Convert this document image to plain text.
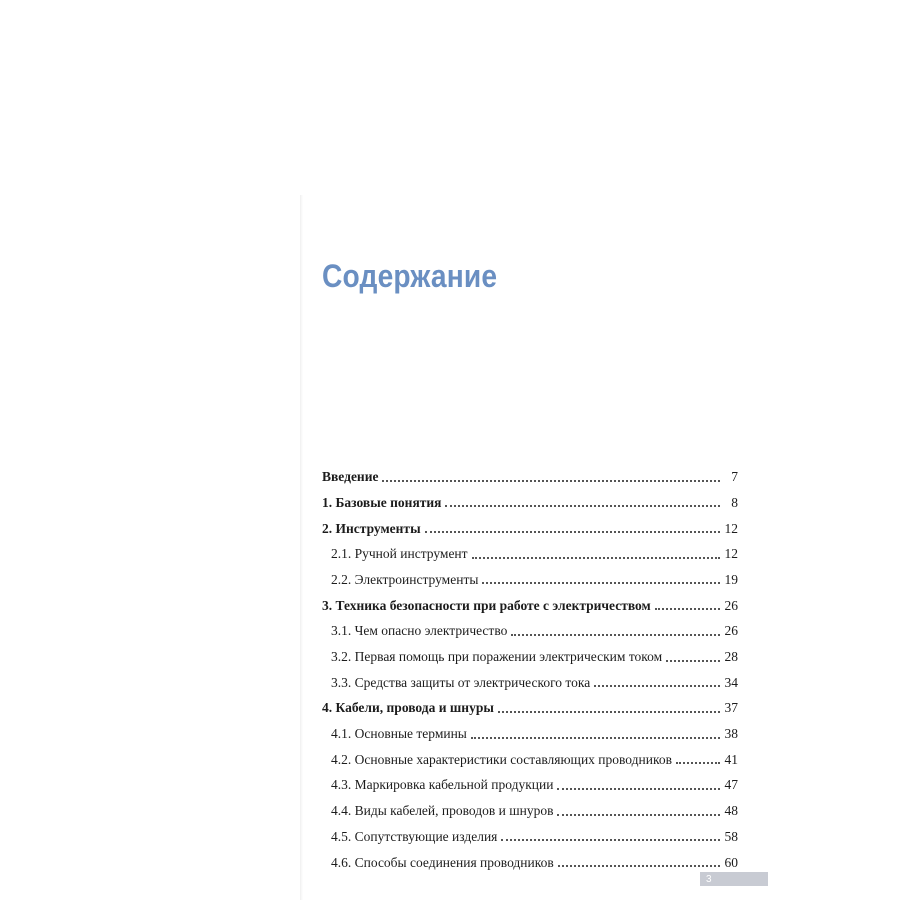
Содержание
Введение	7
1. Базовые понятия	8
2. Инструменты	12
2.1. Ручной инструмент	12
2.2. Электроинструменты	19
3. Техника безопасности при работе с электричеством	26
3.1. Чем опасно электричество	26
3.2. Первая помощь при поражении электрическим током	28
3.3. Средства защиты от электрического тока	34
4. Кабели, провода и шнуры	37
4.1. Основные термины	38
4.2. Основные характеристики составляющих проводников	41
4.3. Маркировка кабельной продукции	47
4.4. Виды кабелей, проводов и шнуров	48
4.5. Сопутствующие изделия	58
4.6. Способы соединения проводников	60
3
